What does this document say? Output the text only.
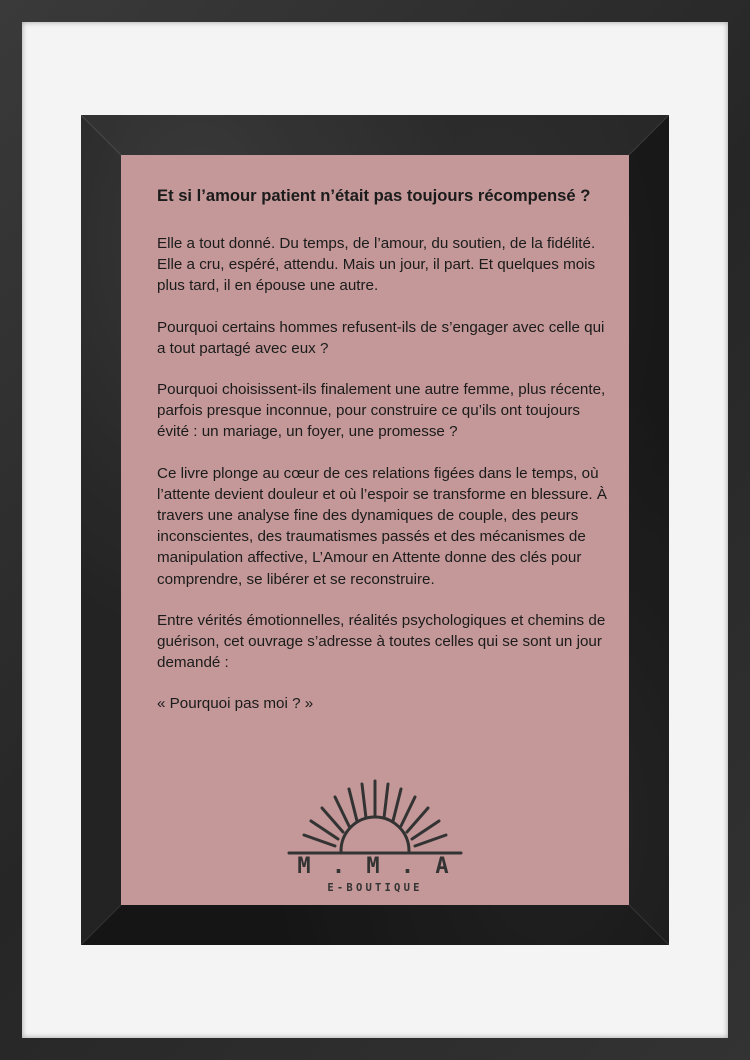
Et si l’amour patient n’était pas toujours récompensé ?

Elle a tout donné. Du temps, de l’amour, du soutien, de la fidélité. Elle a cru, espéré, attendu. Mais un jour, il part. Et quelques mois plus tard, il en épouse une autre.

Pourquoi certains hommes refusent-ils de s’engager avec celle qui a tout partagé avec eux ?

Pourquoi choisissent-ils finalement une autre femme, plus récente, parfois presque inconnue, pour construire ce qu’ils ont toujours évité : un mariage, un foyer, une promesse ?

Ce livre plonge au cœur de ces relations figées dans le temps, où l’attente devient douleur et où l’espoir se transforme en blessure. À travers une analyse fine des dynamiques de couple, des peurs inconscientes, des traumatismes passés et des mécanismes de manipulation affective, L’Amour en Attente donne des clés pour comprendre, se libérer et se reconstruire.

Entre vérités émotionnelles, réalités psychologiques et chemins de guérison, cet ouvrage s’adresse à toutes celles qui se sont un jour demandé :

« Pourquoi pas moi ? »

M . M . A
E-BOUTIQUE
